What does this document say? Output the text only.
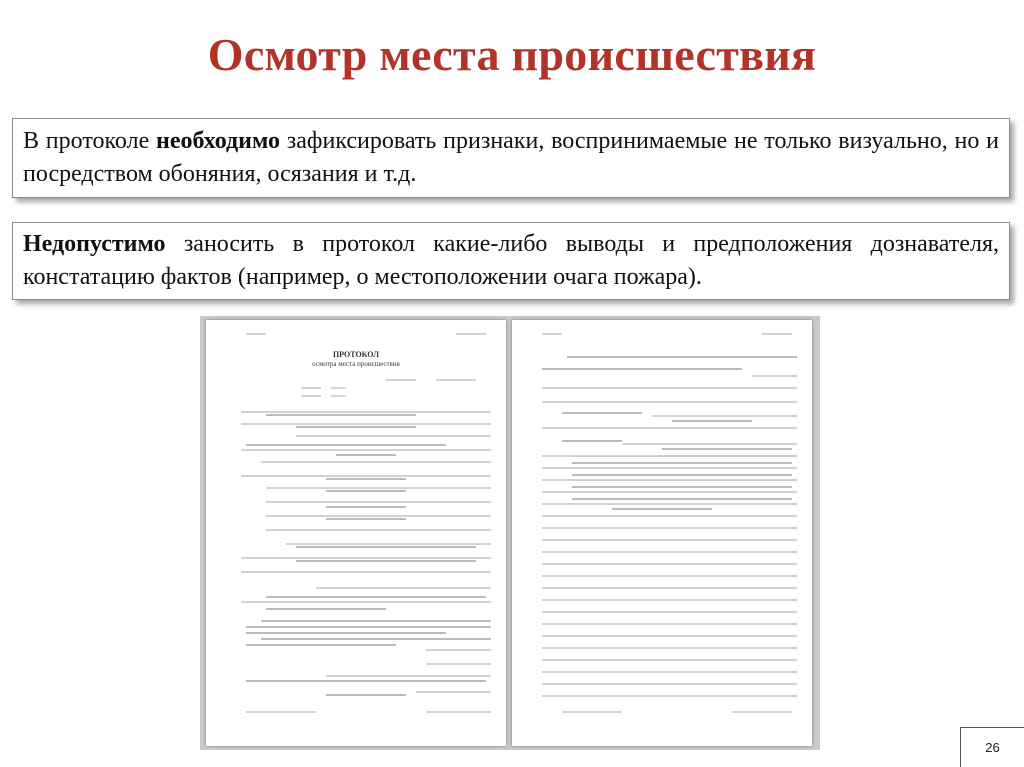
Осмотр места происшествия
В протоколе необходимо зафиксировать признаки, воспринимаемые не только визуально, но и посредством обоняния, осязания и т.д.
Недопустимо заносить в протокол какие-либо выводы и предположения дознавателя, констатацию фактов (например, о местоположении очага пожара).
ПРОТОКОЛ
осмотра места происшествия
26
